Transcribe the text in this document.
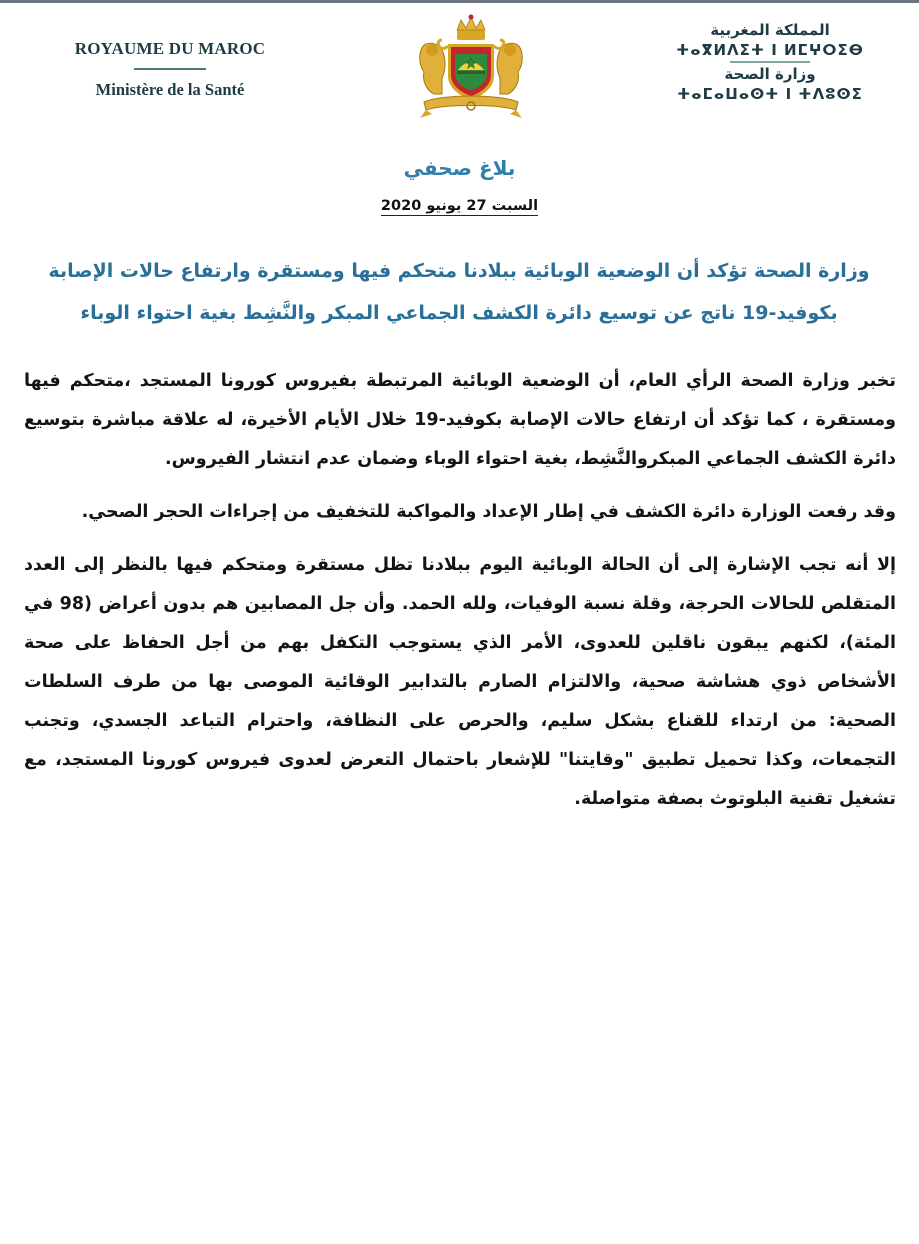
ROYAUME DU MAROC
Ministère de la Santé
المملكة المغربية
ⵜⴰⴳⵍⴷⵉⵜ ⵏ ⵍⵎⵖⵔⵉⴱ
وزارة الصحة
ⵜⴰⵎⴰⵡⴰⵙⵜ ⵏ ⵜⴷⵓⵙⵉ
بلاغ صحفي
السبت 27 يونيو 2020
وزارة الصحة تؤكد أن الوضعية الوبائية ببلادنا متحكم فيها ومستقرة وارتفاع حالات الإصابة بكوفيد-19 ناتج عن توسيع دائرة الكشف الجماعي المبكر والنَّشِط بغية احتواء الوباء

تخبر وزارة الصحة الرأي العام، أن الوضعية الوبائية المرتبطة بفيروس كورونا المستجد ،متحكم فيها ومستقرة ، كما تؤكد أن ارتفاع حالات الإصابة بكوفيد-19 خلال الأيام الأخيرة، له علاقة مباشرة بتوسيع دائرة الكشف الجماعي المبكروالنَّشِط، بغية احتواء الوباء وضمان عدم انتشار الفيروس.

وقد رفعت الوزارة دائرة الكشف في إطار الإعداد والمواكبة للتخفيف من إجراءات الحجر الصحي.

إلا أنه تجب الإشارة إلى أن الحالة الوبائية اليوم ببلادنا تظل مستقرة ومتحكم فيها بالنظر إلى العدد المتقلص للحالات الحرجة، وقلة نسبة الوفيات، ولله الحمد. وأن جل المصابين هم بدون أعراض (98 في المئة)، لكنهم يبقون ناقلين للعدوى، الأمر الذي يستوجب التكفل بهم من أجل الحفاظ على صحة الأشخاص ذوي هشاشة صحية، والالتزام الصارم بالتدابير الوقائية الموصى بها من طرف السلطات الصحية: من ارتداء للقناع بشكل سليم، والحرص على النظافة، واحترام التباعد الجسدي، وتجنب التجمعات، وكذا تحميل تطبيق "وقايتنا" للإشعار باحتمال التعرض لعدوى فيروس كورونا المستجد، مع تشغيل تقنية البلوتوث بصفة متواصلة.
